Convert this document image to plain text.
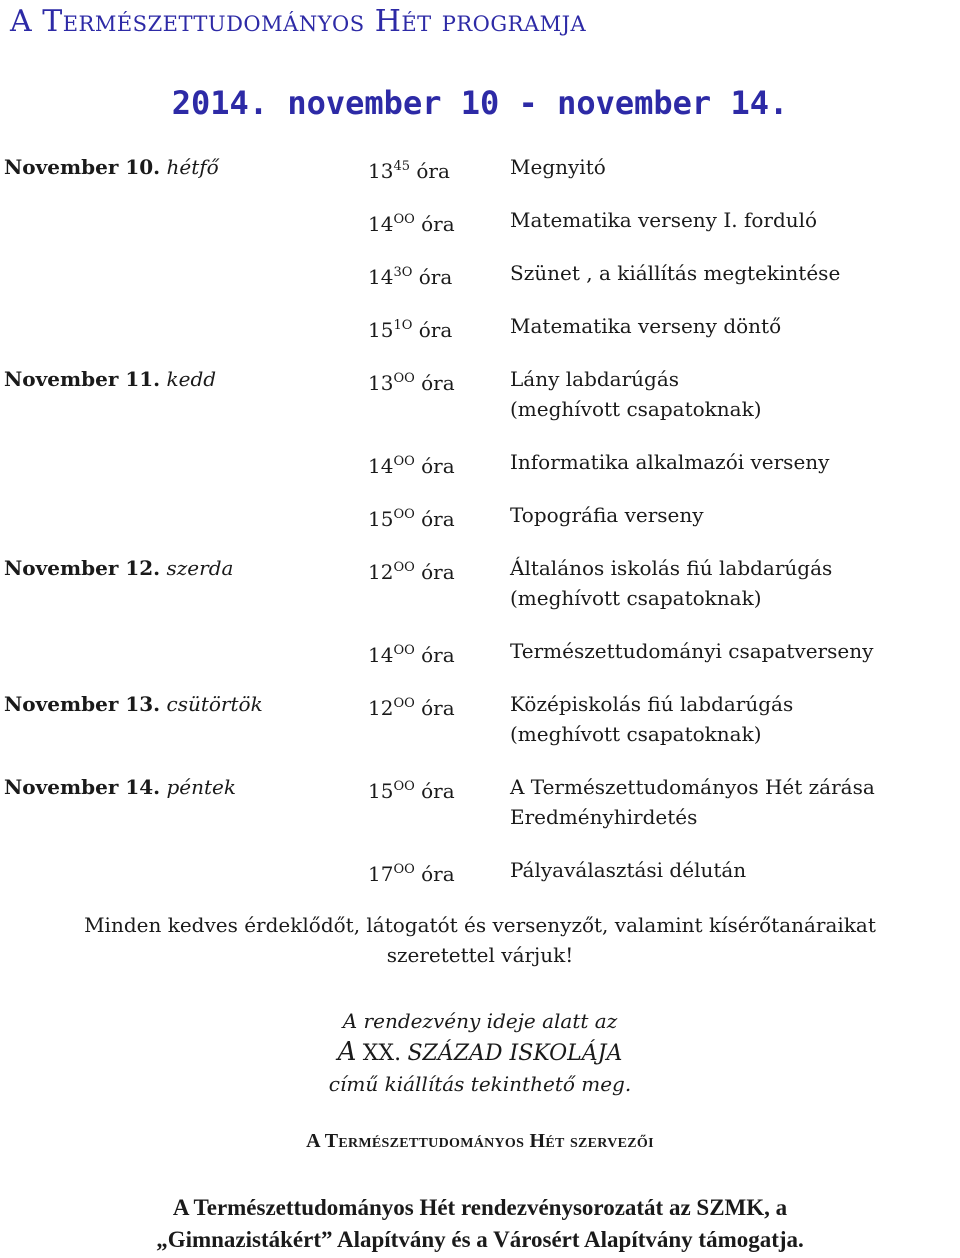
A Természettudományos Hét programja
2014. november 10 - november 14.
November 10. hétfő	$13^{45}$ óra	Megnyitó
$14^{OO}$ óra	Matematika verseny I. forduló
$14^{3O}$ óra	Szünet , a kiállítás megtekintése
$15^{1O}$ óra	Matematika verseny döntő
November 11. kedd	$13^{OO}$ óra	Lány labdarúgás
(meghívott csapatoknak)
$14^{OO}$ óra	Informatika alkalmazói verseny
$15^{OO}$ óra	Topográfia verseny
November 12. szerda	$12^{OO}$ óra	Általános iskolás fiú labdarúgás
(meghívott csapatoknak)
$14^{OO}$ óra	Természettudományi csapatverseny
November 13. csütörtök	$12^{OO}$ óra	Középiskolás fiú labdarúgás
(meghívott csapatoknak)
November 14. péntek	$15^{OO}$ óra	A Természettudományos Hét zárása
Eredményhirdetés
$17^{OO}$ óra	Pályaválasztási délután
Minden kedves érdeklődőt, látogatót és versenyzőt, valamint kísérőtanáraikat
szeretettel várjuk!
A rendezvény ideje alatt az
A XX. SZÁZAD ISKOLÁJA
című kiállítás tekinthető meg.
A Természettudományos Hét szervezői
A Természettudományos Hét rendezvénysorozatát az SZMK, a
„Gimnazistákért” Alapítvány és a Városért Alapítvány támogatja.
